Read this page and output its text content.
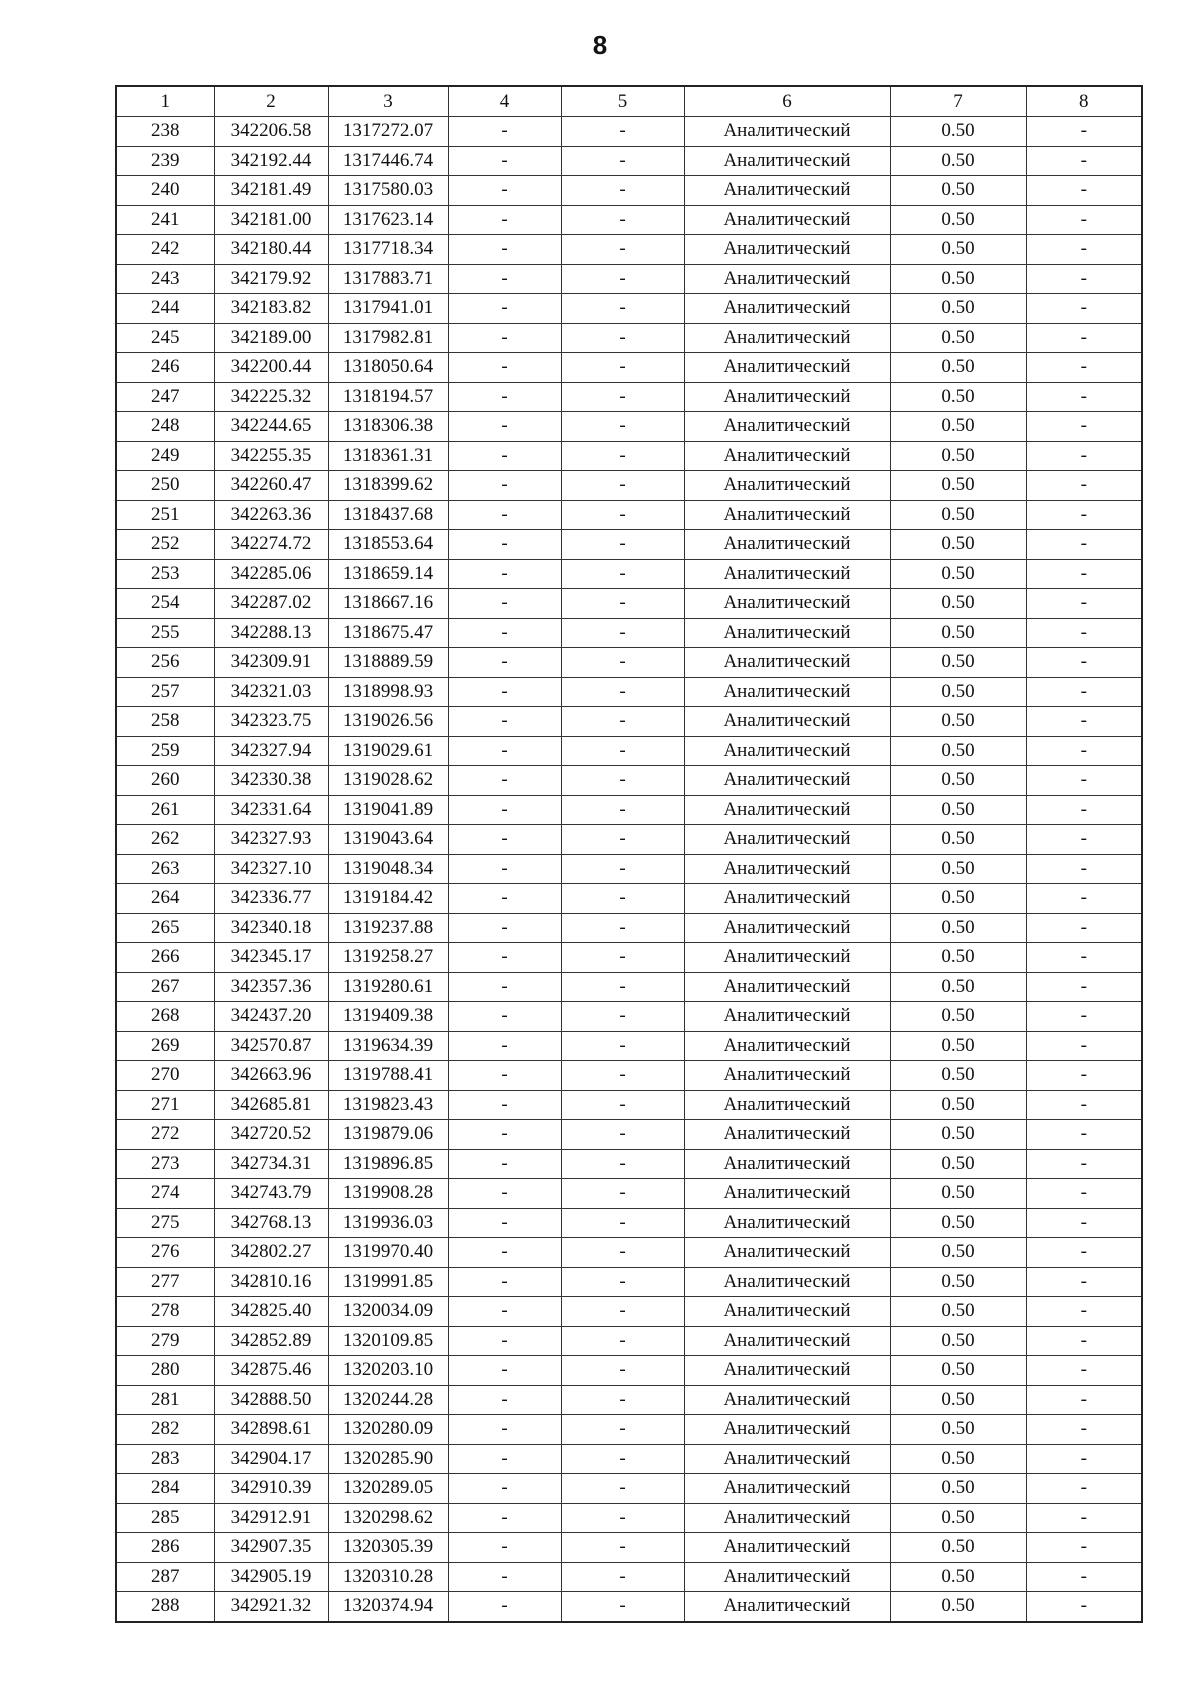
8
1	2	3	4	5	6	7	8
238	342206.58	1317272.07	-	-	Аналитический	0.50	-
239	342192.44	1317446.74	-	-	Аналитический	0.50	-
240	342181.49	1317580.03	-	-	Аналитический	0.50	-
241	342181.00	1317623.14	-	-	Аналитический	0.50	-
242	342180.44	1317718.34	-	-	Аналитический	0.50	-
243	342179.92	1317883.71	-	-	Аналитический	0.50	-
244	342183.82	1317941.01	-	-	Аналитический	0.50	-
245	342189.00	1317982.81	-	-	Аналитический	0.50	-
246	342200.44	1318050.64	-	-	Аналитический	0.50	-
247	342225.32	1318194.57	-	-	Аналитический	0.50	-
248	342244.65	1318306.38	-	-	Аналитический	0.50	-
249	342255.35	1318361.31	-	-	Аналитический	0.50	-
250	342260.47	1318399.62	-	-	Аналитический	0.50	-
251	342263.36	1318437.68	-	-	Аналитический	0.50	-
252	342274.72	1318553.64	-	-	Аналитический	0.50	-
253	342285.06	1318659.14	-	-	Аналитический	0.50	-
254	342287.02	1318667.16	-	-	Аналитический	0.50	-
255	342288.13	1318675.47	-	-	Аналитический	0.50	-
256	342309.91	1318889.59	-	-	Аналитический	0.50	-
257	342321.03	1318998.93	-	-	Аналитический	0.50	-
258	342323.75	1319026.56	-	-	Аналитический	0.50	-
259	342327.94	1319029.61	-	-	Аналитический	0.50	-
260	342330.38	1319028.62	-	-	Аналитический	0.50	-
261	342331.64	1319041.89	-	-	Аналитический	0.50	-
262	342327.93	1319043.64	-	-	Аналитический	0.50	-
263	342327.10	1319048.34	-	-	Аналитический	0.50	-
264	342336.77	1319184.42	-	-	Аналитический	0.50	-
265	342340.18	1319237.88	-	-	Аналитический	0.50	-
266	342345.17	1319258.27	-	-	Аналитический	0.50	-
267	342357.36	1319280.61	-	-	Аналитический	0.50	-
268	342437.20	1319409.38	-	-	Аналитический	0.50	-
269	342570.87	1319634.39	-	-	Аналитический	0.50	-
270	342663.96	1319788.41	-	-	Аналитический	0.50	-
271	342685.81	1319823.43	-	-	Аналитический	0.50	-
272	342720.52	1319879.06	-	-	Аналитический	0.50	-
273	342734.31	1319896.85	-	-	Аналитический	0.50	-
274	342743.79	1319908.28	-	-	Аналитический	0.50	-
275	342768.13	1319936.03	-	-	Аналитический	0.50	-
276	342802.27	1319970.40	-	-	Аналитический	0.50	-
277	342810.16	1319991.85	-	-	Аналитический	0.50	-
278	342825.40	1320034.09	-	-	Аналитический	0.50	-
279	342852.89	1320109.85	-	-	Аналитический	0.50	-
280	342875.46	1320203.10	-	-	Аналитический	0.50	-
281	342888.50	1320244.28	-	-	Аналитический	0.50	-
282	342898.61	1320280.09	-	-	Аналитический	0.50	-
283	342904.17	1320285.90	-	-	Аналитический	0.50	-
284	342910.39	1320289.05	-	-	Аналитический	0.50	-
285	342912.91	1320298.62	-	-	Аналитический	0.50	-
286	342907.35	1320305.39	-	-	Аналитический	0.50	-
287	342905.19	1320310.28	-	-	Аналитический	0.50	-
288	342921.32	1320374.94	-	-	Аналитический	0.50	-
